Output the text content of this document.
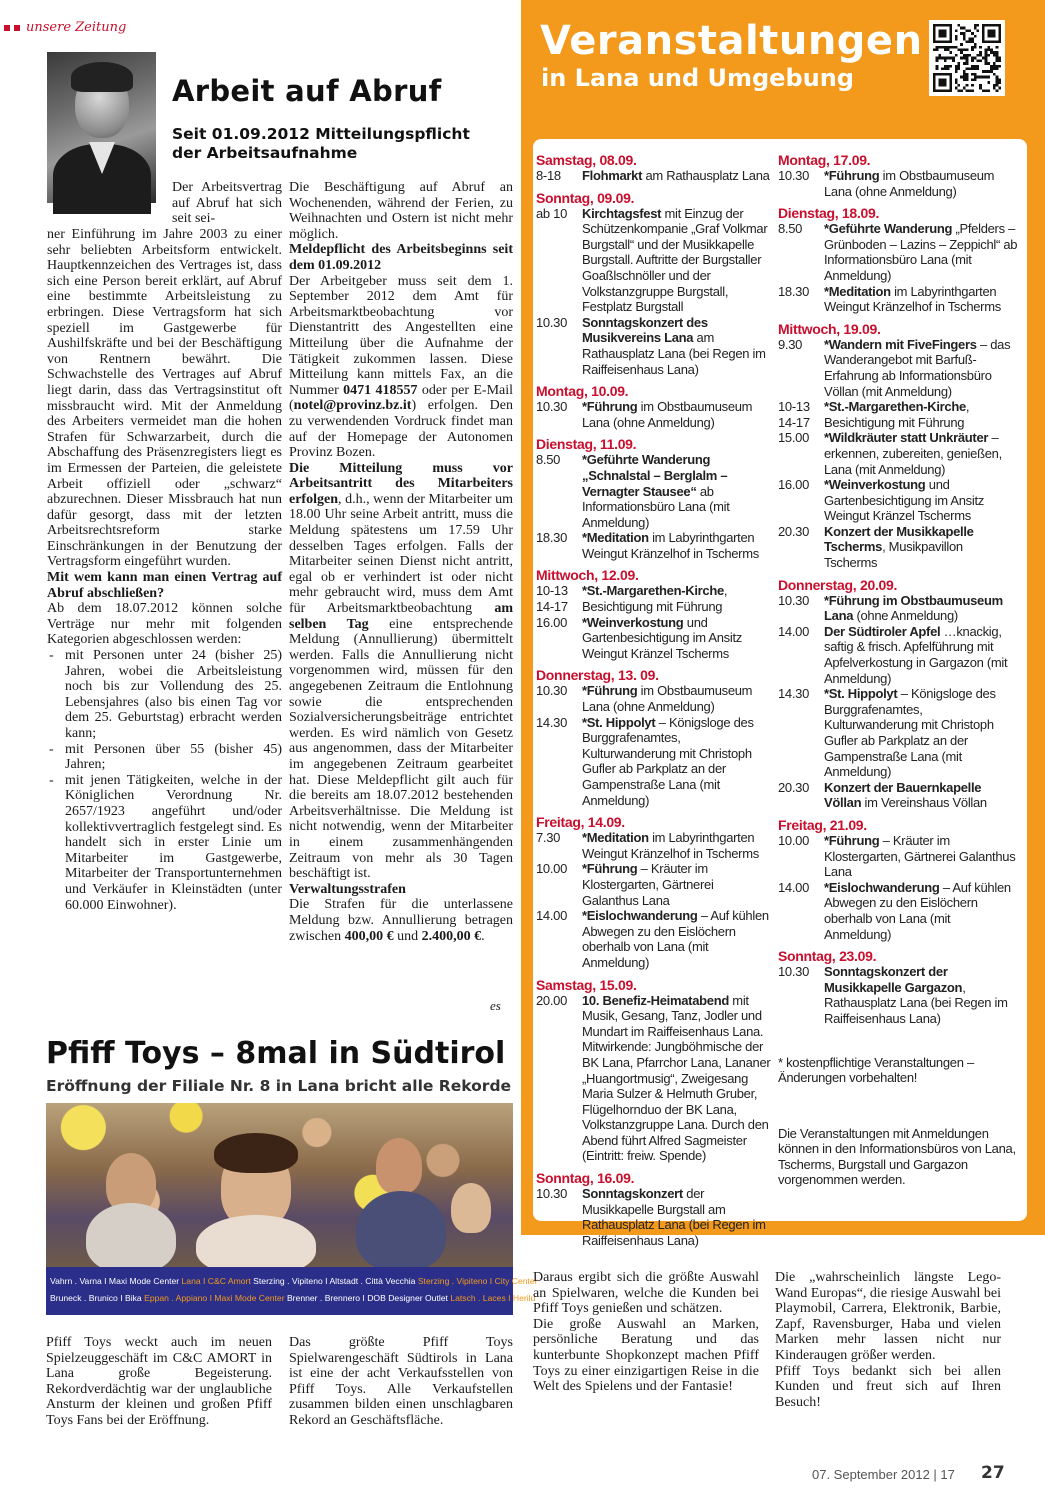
unsere Zeitung
Arbeit auf Abruf
Seit 01.09.2012 Mitteilungspflicht der Arbeitsaufnahme

Der Arbeitsvertrag auf Abruf hat sich seit sei-

ner Einführung im Jahre 2003 zu einer sehr beliebten Arbeitsform entwickelt. Hauptkennzeichen des Vertrages ist, dass sich eine Person bereit erklärt, auf Abruf eine bestimmte Arbeitsleistung zu erbringen. Diese Vertragsform hat sich speziell im Gastgewerbe für Aushilfskräfte und bei der Beschäftigung von Rentnern bewährt. Die Schwachstelle des Vertrages auf Abruf liegt darin, dass das Vertragsinstitut oft missbraucht wird. Mit der Anmeldung des Arbeiters vermeidet man die hohen Strafen für Schwarzarbeit, durch die Abschaffung des Präsenzregisters liegt es im Ermessen der Parteien, die geleistete Arbeit offiziell oder „schwarz“ abzurechnen. Dieser Missbrauch hat nun dafür gesorgt, dass mit der letzten Arbeitsrechtsreform starke Einschränkungen in der Benutzung der Vertragsform eingeführt wurden.

Mit wem kann man einen Vertrag auf Abruf abschließen?

Ab dem 18.07.2012 können solche Verträge nur mehr mit folgenden Kategorien abgeschlossen werden:

- mit Personen unter 24 (bisher 25) Jahren, wobei die Arbeitsleistung noch bis zur Vollendung des 25. Lebensjahres (also bis einen Tag vor dem 25. Geburtstag) erbracht werden kann;
- mit Personen über 55 (bisher 45) Jahren;
- mit jenen Tätigkeiten, welche in der Königlichen Verordnung Nr. 2657/1923 angeführt und/oder kollektivvertraglich festgelegt sind. Es handelt sich in erster Linie um Mitarbeiter im Gastgewerbe, Mitarbeiter der Transportunternehmen und Verkäufer in Kleinstädten (unter 60.000 Einwohner).

Die Beschäftigung auf Abruf an Wochenenden, während der Ferien, zu Weihnachten und Ostern ist nicht mehr möglich.

Meldepflicht des Arbeitsbeginns seit dem 01.09.2012

Der Arbeitgeber muss seit dem 1. September 2012 dem Amt für Arbeitsmarktbeobachtung vor Dienstantritt des Angestellten eine Mitteilung über die Aufnahme der Tätigkeit zukommen lassen. Diese Mitteilung kann mittels Fax, an die Nummer 0471 418557 oder per E-Mail (notel@provinz.bz.it) erfolgen. Den zu verwendenden Vordruck findet man auf der Homepage der Autonomen Provinz Bozen.

Die Mitteilung muss vor Arbeitsantritt des Mitarbeiters erfolgen, d.h., wenn der Mitarbeiter um 18.00 Uhr seine Arbeit antritt, muss die Meldung spätestens um 17.59 Uhr desselben Tages erfolgen. Falls der Mitarbeiter seinen Dienst nicht antritt, egal ob er verhindert ist oder nicht mehr gebraucht wird, muss dem Amt für Arbeitsmarktbeobachtung am selben Tag eine entsprechende Meldung (Annullierung) übermittelt werden. Falls die Annullierung nicht vorgenommen wird, müssen für den angegebenen Zeitraum die Entlohnung sowie die entsprechenden Sozialversicherungsbeiträge entrichtet werden. Es wird nämlich von Gesetz aus angenommen, dass der Mitarbeiter im angegebenen Zeitraum gearbeitet hat. Diese Meldepflicht gilt auch für die bereits am 18.07.2012 bestehenden Arbeitsverhältnisse. Die Meldung ist nicht notwendig, wenn der Mitarbeiter in einem zusammenhängenden Zeitraum von mehr als 30 Tagen beschäftigt ist.

Verwaltungsstrafen

Die Strafen für die unterlassene Meldung bzw. Annullierung betragen zwischen 400,00 € und 2.400,00 €.

es
Veranstaltungen
in Lana und Umgebung
Samstag, 08.09.
8-18	Flohmarkt am Rathausplatz Lana
Sonntag, 09.09.
ab 10	Kirchtagsfest mit Einzug der Schützenkompanie „Graf Volkmar Burgstall“ und der Musikkapelle Burgstall. Auftritte der Burgstaller Goaßlschnöller und der Volkstanzgruppe Burgstall, Festplatz Burgstall
10.30	Sonntagskonzert des Musikvereins Lana am Rathausplatz Lana (bei Regen im Raiffeisenhaus Lana)
Montag, 10.09.
10.30	*Führung im Obstbaumuseum Lana (ohne Anmeldung)
Dienstag, 11.09.
8.50	*Geführte Wanderung „Schnalstal – Berglalm – Vernagter Stausee“ ab Informationsbüro Lana (mit Anmeldung)
18.30	*Meditation im Labyrinthgarten Weingut Kränzelhof in Tscherms
Mittwoch, 12.09.
10-13	*St.-Margarethen-Kirche,
14-17	Besichtigung mit Führung
16.00	*Weinverkostung und Gartenbesichtigung im Ansitz Weingut Kränzel Tscherms
Donnerstag, 13. 09.
10.30	*Führung im Obstbaumuseum Lana (ohne Anmeldung)
14.30	*St. Hippolyt – Königsloge des Burggrafenamtes, Kulturwanderung mit Christoph Gufler ab Parkplatz an der Gampenstraße Lana (mit Anmeldung)
Freitag, 14.09.
7.30	*Meditation im Labyrinthgarten Weingut Kränzelhof in Tscherms
10.00	*Führung – Kräuter im Klostergarten, Gärtnerei Galanthus Lana
14.00	*Eislochwanderung – Auf kühlen Abwegen zu den Eislöchern oberhalb von Lana (mit Anmeldung)
Samstag, 15.09.
20.00	10. Benefiz-Heimatabend mit Musik, Gesang, Tanz, Jodler und Mundart im Raiffeisenhaus Lana. Mitwirkende: Jungböhmische der BK Lana, Pfarrchor Lana, Lananer „Huangortmusig“, Zweigesang Maria Sulzer & Helmuth Gruber, Flügelhornduo der BK Lana, Volkstanzgruppe Lana. Durch den Abend führt Alfred Sagmeister (Eintritt: freiw. Spende)
Sonntag, 16.09.
10.30	Sonntagskonzert der Musikkapelle Burgstall am Rathausplatz Lana (bei Regen im Raiffeisenhaus Lana)
Montag, 17.09.
10.30	*Führung im Obstbaumuseum Lana (ohne Anmeldung)
Dienstag, 18.09.
8.50	*Geführte Wanderung „Pfelders – Grünboden – Lazins – Zeppichl“ ab Informationsbüro Lana (mit Anmeldung)
18.30	*Meditation im Labyrinthgarten Weingut Kränzelhof in Tscherms
Mittwoch, 19.09.
9.30	*Wandern mit FiveFingers – das Wanderangebot mit Barfuß-Erfahrung ab Informationsbüro Völlan (mit Anmeldung)
10-13	*St.-Margarethen-Kirche,
14-17	Besichtigung mit Führung
15.00	*Wildkräuter statt Unkräuter – erkennen, zubereiten, genießen, Lana (mit Anmeldung)
16.00	*Weinverkostung und Gartenbesichtigung im Ansitz Weingut Kränzel Tscherms
20.30	Konzert der Musikkapelle Tscherms, Musikpavillon Tscherms
Donnerstag, 20.09.
10.30	*Führung im Obstbaumuseum Lana (ohne Anmeldung)
14.00	Der Südtiroler Apfel …knackig, saftig & frisch. Apfelführung mit Apfelverkostung in Gargazon (mit Anmeldung)
14.30	*St. Hippolyt – Königsloge des Burggrafenamtes, Kulturwanderung mit Christoph Gufler ab Parkplatz an der Gampenstraße Lana (mit Anmeldung)
20.30	Konzert der Bauernkapelle Völlan im Vereinshaus Völlan
Freitag, 21.09.
10.00	*Führung – Kräuter im Klostergarten, Gärtnerei Galanthus Lana
14.00	*Eislochwanderung – Auf kühlen Abwegen zu den Eislöchern oberhalb von Lana (mit Anmeldung)
Sonntag, 23.09.
10.30	Sonntagskonzert der Musikkapelle Gargazon, Rathausplatz Lana (bei Regen im Raiffeisenhaus Lana)
* kostenpflichtige Veranstaltungen – Änderungen vorbehalten!
Die Veranstaltungen mit Anmeldungen können in den Informationsbüros von Lana, Tscherms, Burgstall und Gargazon vorgenommen werden.
Pfiff Toys – 8mal in Südtirol
Eröffnung der Filiale Nr. 8 in Lana bricht alle Rekorde
Vahrn . Varna I Maxi Mode Center Lana I C&C Amort Sterzing . Vipiteno I Altstadt . Città Vecchia Sterzing . Vipiteno I City Center
Bruneck . Brunico I Bika Eppan . Appiano I Maxi Mode Center Brenner . Brennero I DOB Designer Outlet Latsch . Laces I Herilu

Pfiff Toys weckt auch im neuen Spielzeuggeschäft im C&C AMORT in Lana große Begeisterung. Rekordverdächtig war der unglaubliche Ansturm der kleinen und großen Pfiff Toys Fans bei der Eröffnung.

Das größte Pfiff Toys Spielwarengeschäft Südtirols in Lana ist eine der acht Verkaufsstellen von Pfiff Toys. Alle Verkaufstellen zusammen bilden einen unschlagbaren Rekord an Geschäftsfläche.

Daraus ergibt sich die größte Auswahl an Spielwaren, welche die Kunden bei Pfiff Toys genießen und schätzen.
Die große Auswahl an Marken, persönliche Beratung und das kunterbunte Shopkonzept machen Pfiff Toys zu einer einzigartigen Reise in die Welt des Spielens und der Fantasie!

Die „wahrscheinlich längste Lego-Wand Europas“, die riesige Auswahl bei Playmobil, Carrera, Elektronik, Barbie, Zapf, Ravensburger, Haba und vielen Marken mehr lassen nicht nur Kinderaugen größer werden.
Pfiff Toys bedankt sich bei allen Kunden und freut sich auf Ihren Besuch!

07. September 2012 | 17 27
